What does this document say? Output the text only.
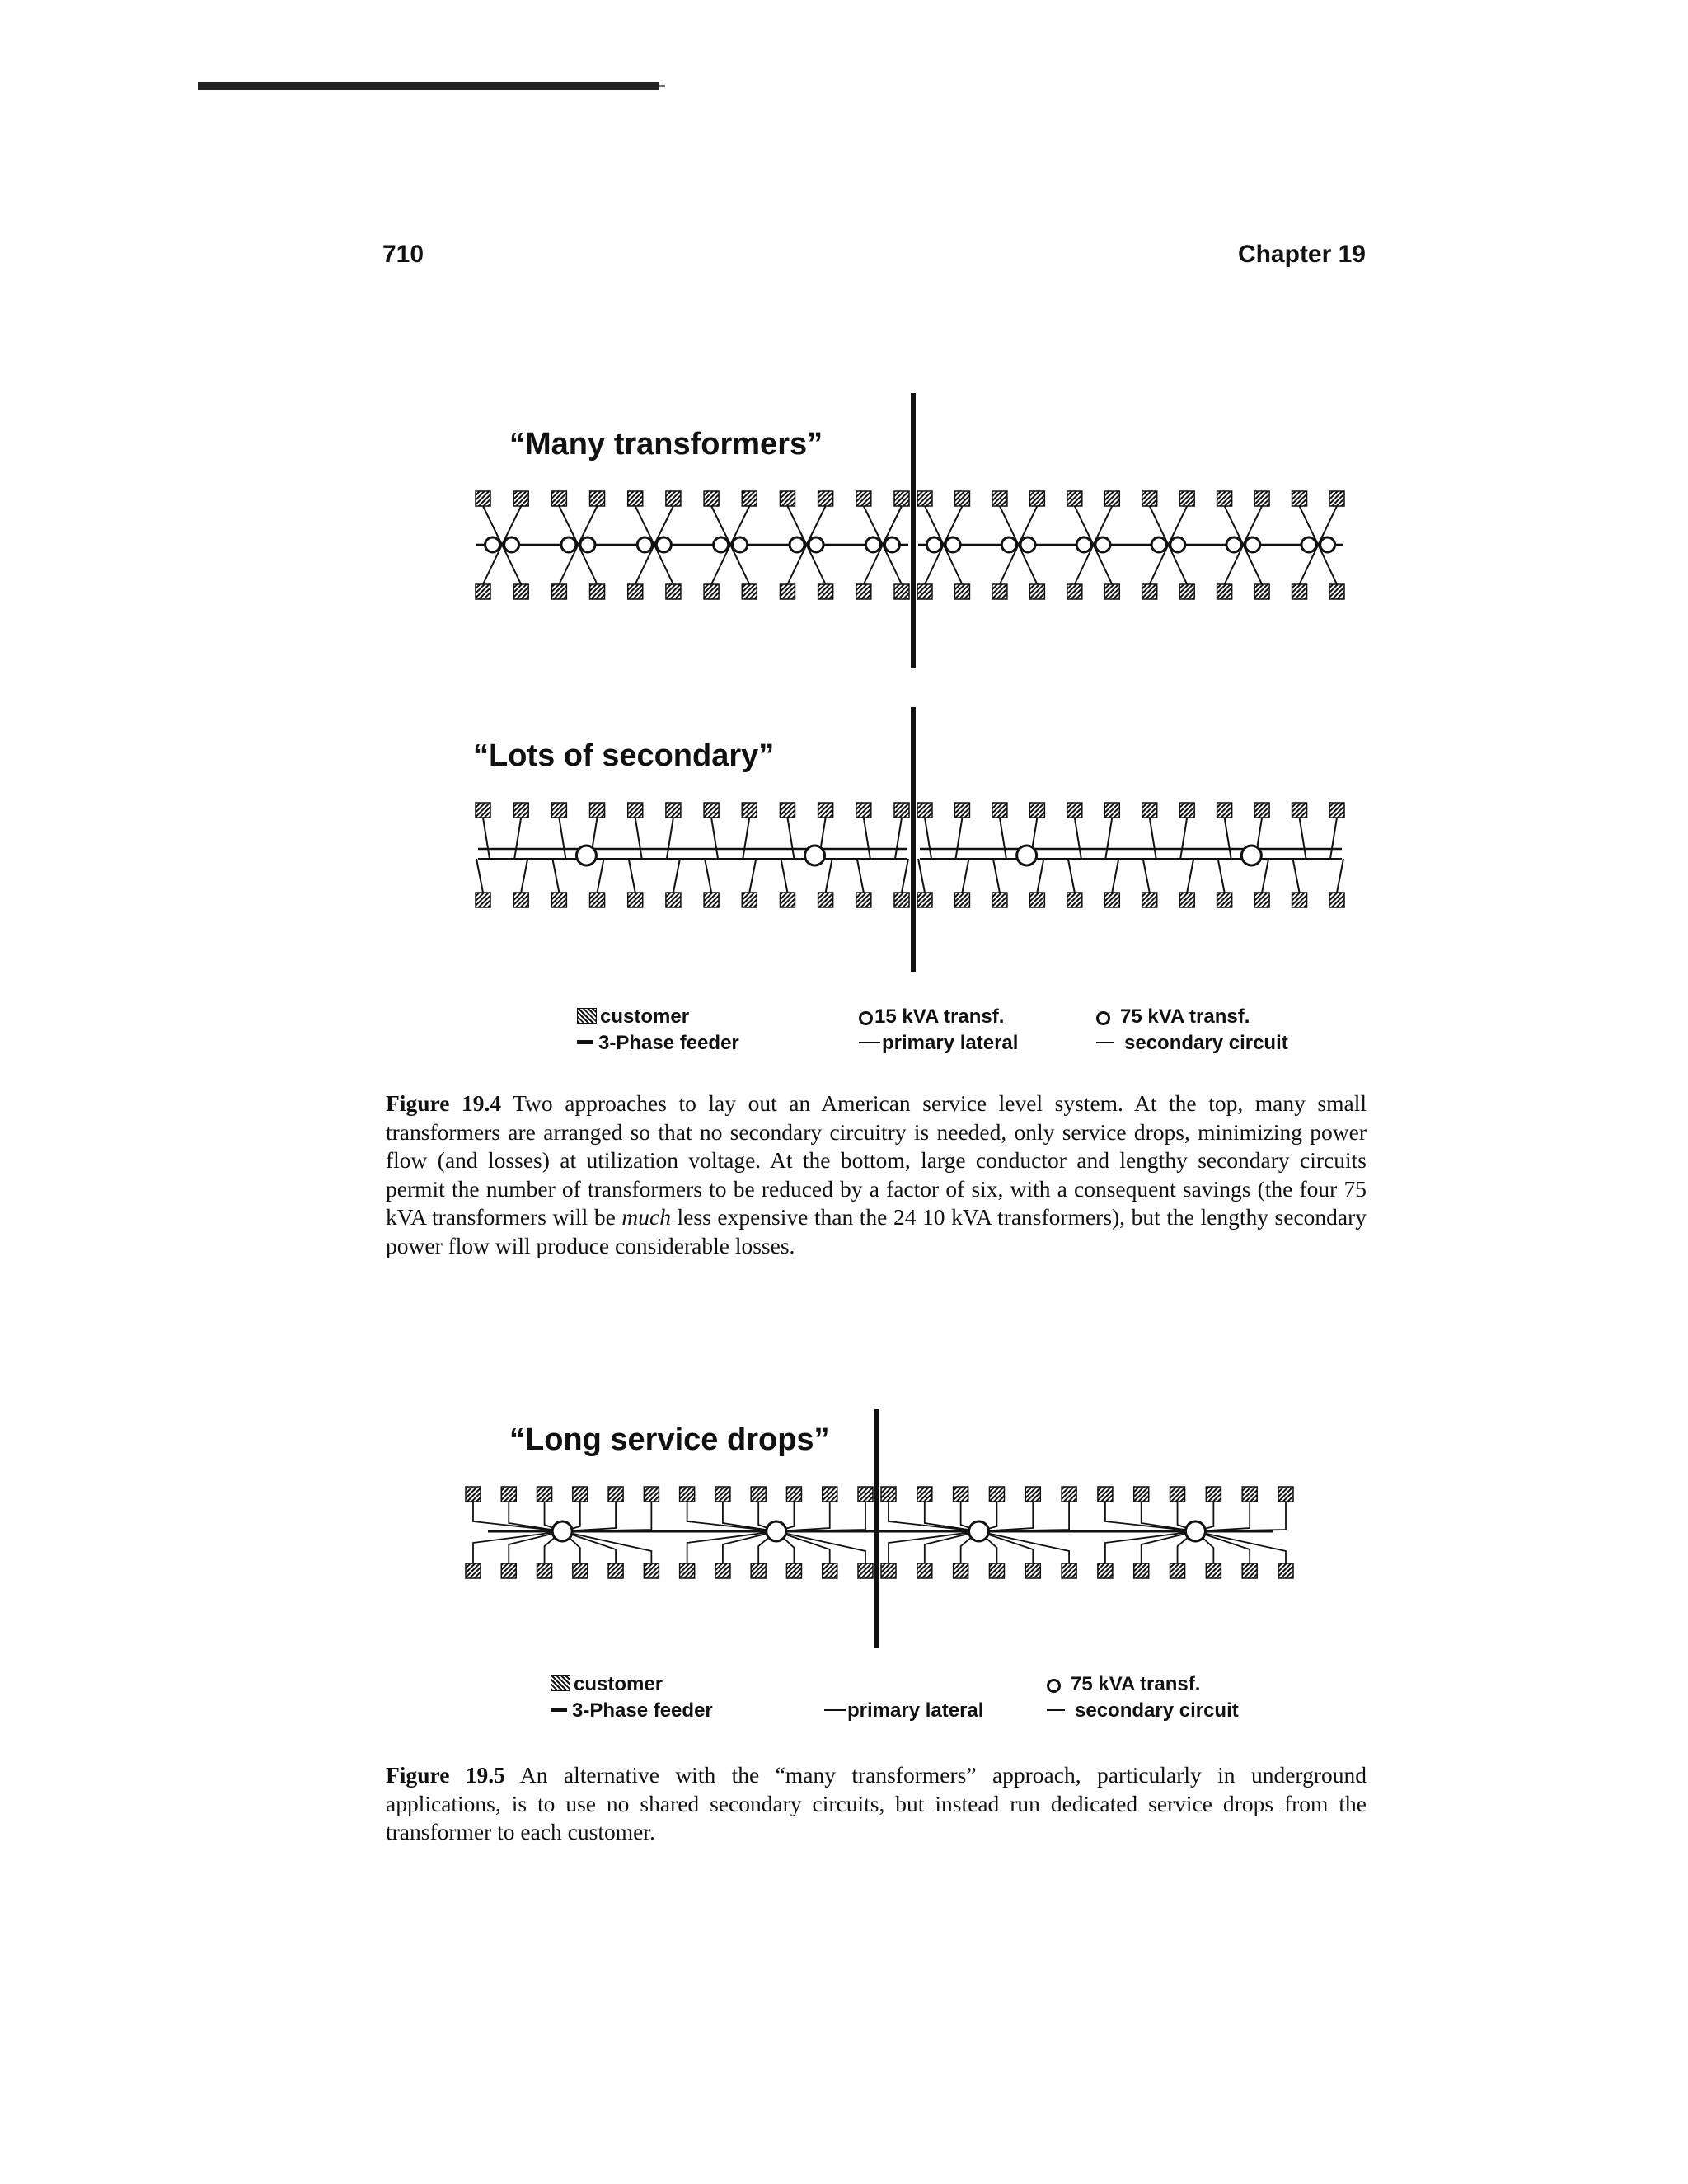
710	Chapter 19
“Many transformers”
“Lots of secondary”
customer
3-Phase feeder
15 kVA transf.
primary lateral
75 kVA transf.
secondary circuit
Figure 19.4 Two approaches to lay out an American service level system. At the top, many small transformers are arranged so that no secondary circuitry is needed, only service drops, minimizing power flow (and losses) at utilization voltage. At the bottom, large conductor and lengthy secondary circuits permit the number of transformers to be reduced by a factor of six, with a consequent savings (the four 75 kVA transformers will be much less expensive than the 24 10 kVA transformers), but the lengthy secondary power flow will produce considerable losses.
“Long service drops”
customer
3-Phase feeder	primary lateral
75 kVA transf.
secondary circuit
Figure 19.5 An alternative with the “many transformers” approach, particularly in underground applications, is to use no shared secondary circuits, but instead run dedicated service drops from the transformer to each customer.
